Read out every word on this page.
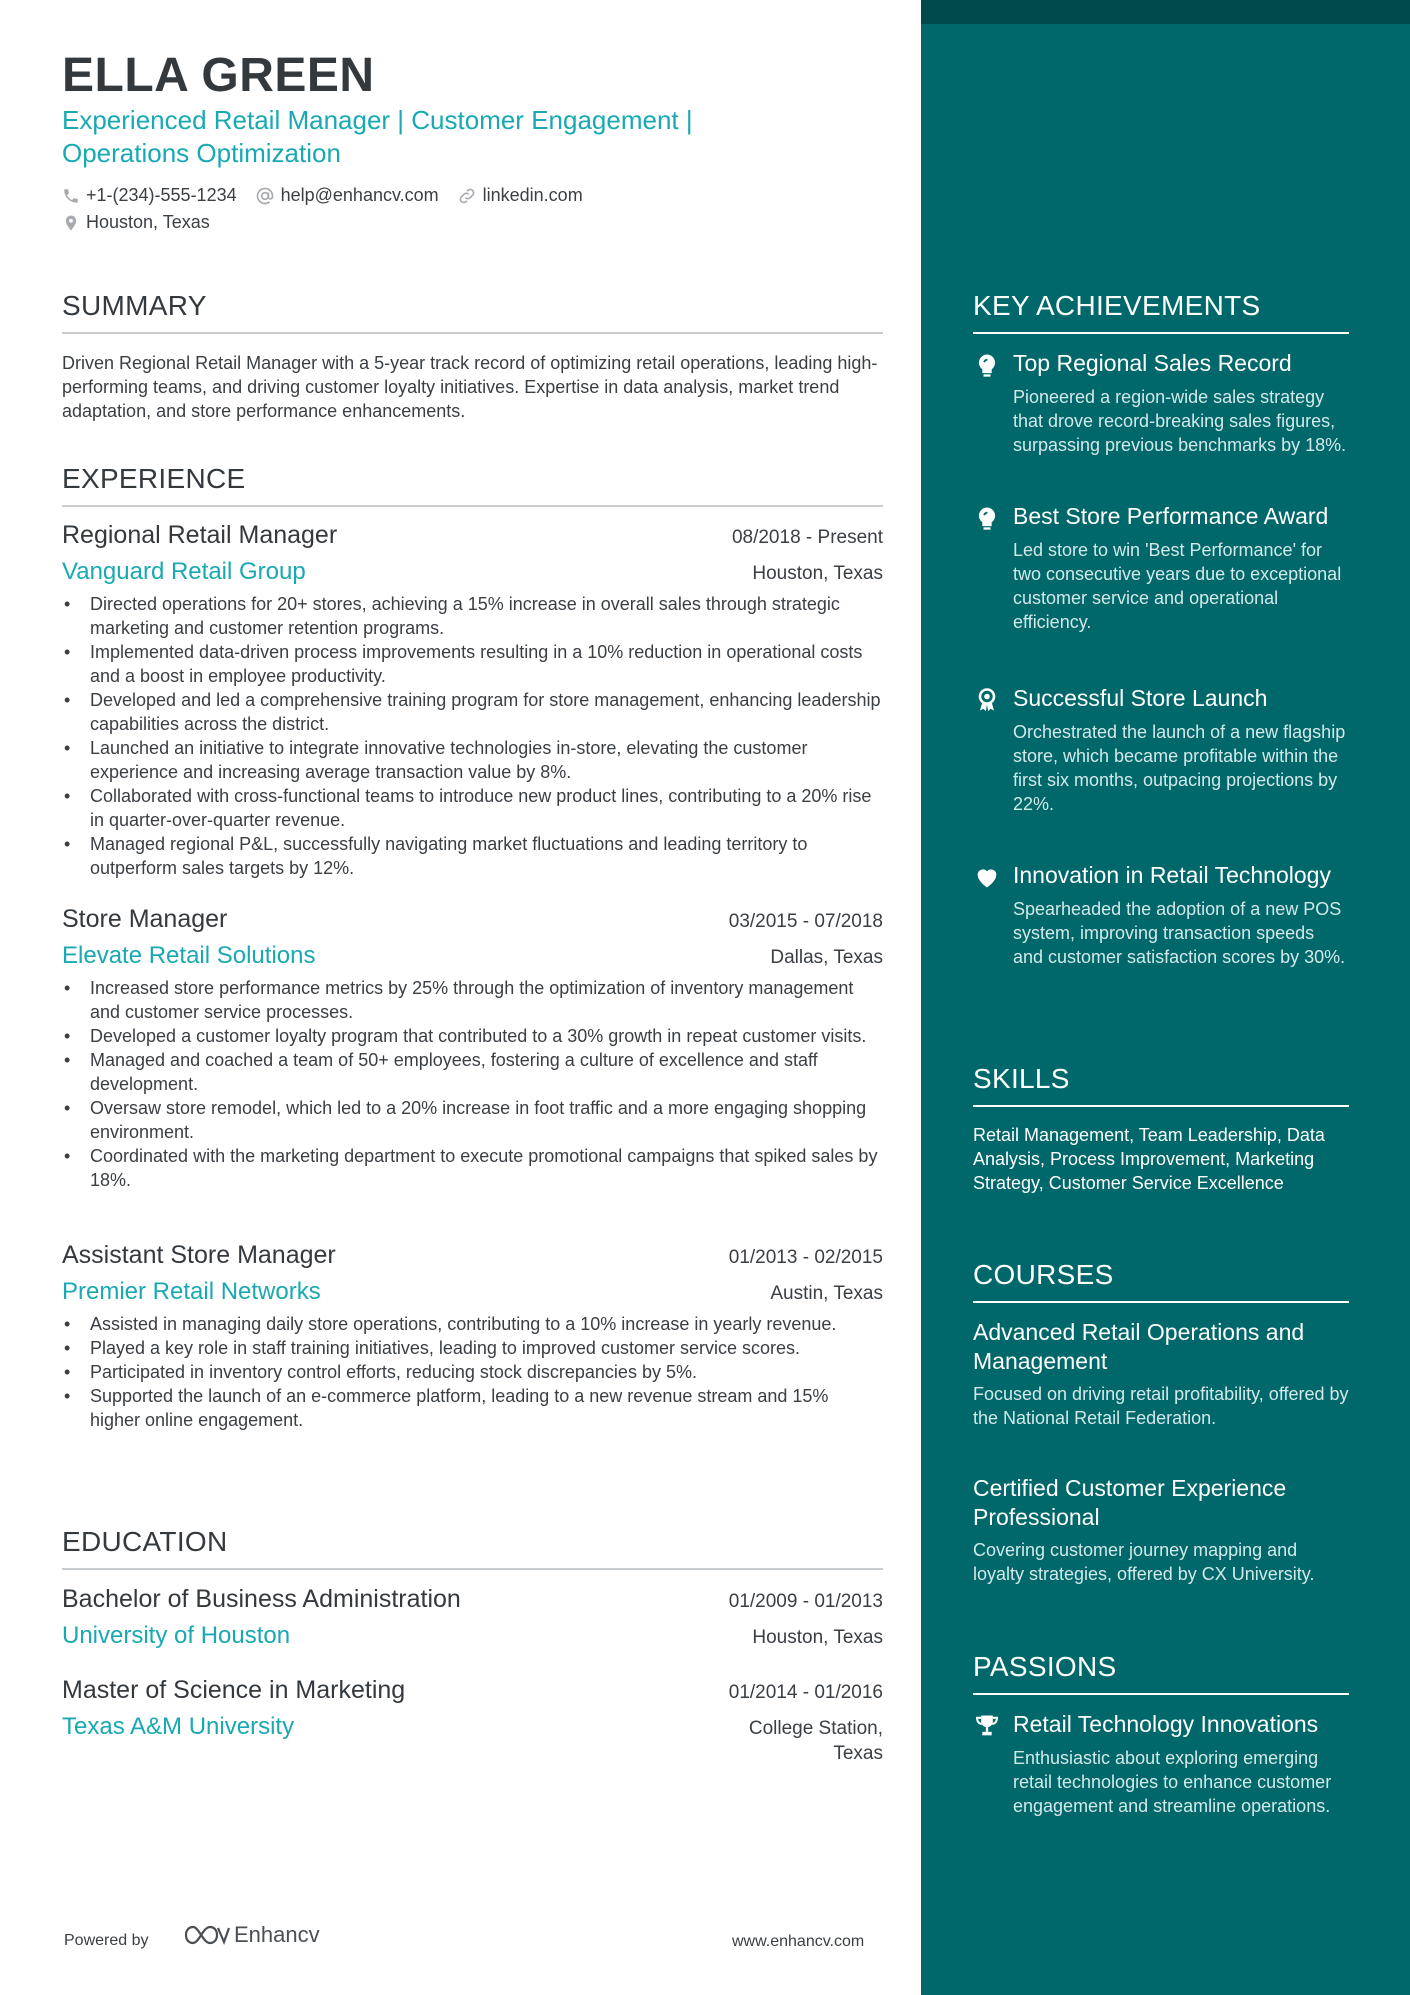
ELLA GREEN
Experienced Retail Manager | Customer Engagement |
Operations Optimization
+1-(234)-555-1234 help@enhancv.com linkedin.com
Houston, Texas
SUMMARY
Driven Regional Retail Manager with a 5-year track record of optimizing retail operations, leading high-performing teams, and driving customer loyalty initiatives. Expertise in data analysis, market trend adaptation, and store performance enhancements.
EXPERIENCE
Regional Retail Manager	08/2018 - Present
Vanguard Retail Group	Houston, Texas
• Directed operations for 20+ stores, achieving a 15% increase in overall sales through strategic marketing and customer retention programs.
• Implemented data-driven process improvements resulting in a 10% reduction in operational costs and a boost in employee productivity.
• Developed and led a comprehensive training program for store management, enhancing leadership capabilities across the district.
• Launched an initiative to integrate innovative technologies in-store, elevating the customer experience and increasing average transaction value by 8%.
• Collaborated with cross-functional teams to introduce new product lines, contributing to a 20% rise in quarter-over-quarter revenue.
• Managed regional P&L, successfully navigating market fluctuations and leading territory to outperform sales targets by 12%.
Store Manager	03/2015 - 07/2018
Elevate Retail Solutions	Dallas, Texas
• Increased store performance metrics by 25% through the optimization of inventory management and customer service processes.
• Developed a customer loyalty program that contributed to a 30% growth in repeat customer visits.
• Managed and coached a team of 50+ employees, fostering a culture of excellence and staff development.
• Oversaw store remodel, which led to a 20% increase in foot traffic and a more engaging shopping environment.
• Coordinated with the marketing department to execute promotional campaigns that spiked sales by 18%.
Assistant Store Manager	01/2013 - 02/2015
Premier Retail Networks	Austin, Texas
• Assisted in managing daily store operations, contributing to a 10% increase in yearly revenue.
• Played a key role in staff training initiatives, leading to improved customer service scores.
• Participated in inventory control efforts, reducing stock discrepancies by 5%.
• Supported the launch of an e-commerce platform, leading to a new revenue stream and 15% higher online engagement.
EDUCATION
Bachelor of Business Administration	01/2009 - 01/2013
University of Houston	Houston, Texas
Master of Science in Marketing	01/2014 - 01/2016
Texas A&M University	College Station, Texas
Powered by	Enhancv	www.enhancv.com
KEY ACHIEVEMENTS
Top Regional Sales Record
Pioneered a region-wide sales strategy that drove record-breaking sales figures, surpassing previous benchmarks by 18%.
Best Store Performance Award
Led store to win 'Best Performance' for two consecutive years due to exceptional customer service and operational efficiency.
Successful Store Launch
Orchestrated the launch of a new flagship store, which became profitable within the first six months, outpacing projections by 22%.
Innovation in Retail Technology
Spearheaded the adoption of a new POS system, improving transaction speeds and customer satisfaction scores by 30%.
SKILLS
Retail Management, Team Leadership, Data Analysis, Process Improvement, Marketing Strategy, Customer Service Excellence
COURSES
Advanced Retail Operations and Management
Focused on driving retail profitability, offered by the National Retail Federation.
Certified Customer Experience Professional
Covering customer journey mapping and loyalty strategies, offered by CX University.
PASSIONS
Retail Technology Innovations
Enthusiastic about exploring emerging retail technologies to enhance customer engagement and streamline operations.
